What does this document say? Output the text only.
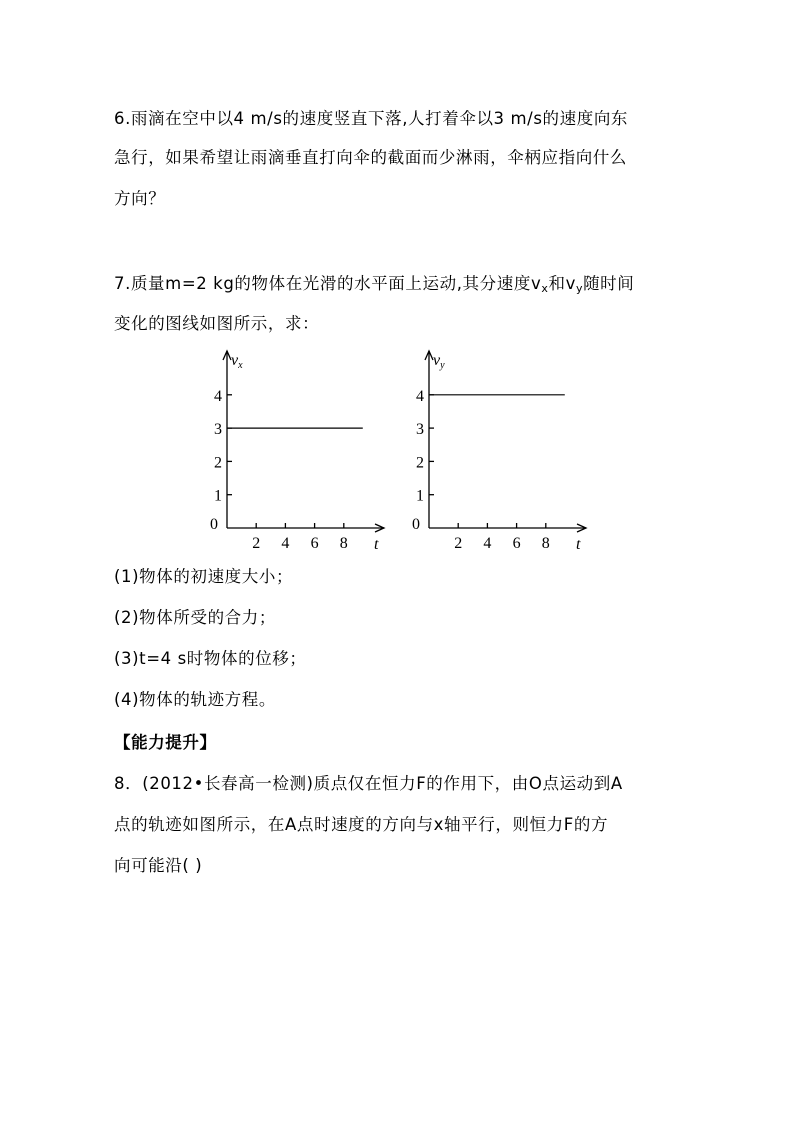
6.雨滴在空中以4 m/s的速度竖直下落,人打着伞以3 m/s的速度向东
急行，如果希望让雨滴垂直打向伞的截面而少淋雨，伞柄应指向什么
方向？
7.质量m=2 kg的物体在光滑的水平面上运动,其分速度$v_x$和$v_y$随时间
变化的图线如图所示，求：
vx
t
0
1
2
3
4
2 4 6 8
vy
t
0
1
2
3
4
2 4 6 8
(1)物体的初速度大小；
(2)物体所受的合力；
(3)t=4 s时物体的位移；
(4)物体的轨迹方程。
【能力提升】
8．(2012•长春高一检测)质点仅在恒力F的作用下，由O点运动到A
点的轨迹如图所示，在A点时速度的方向与x轴平行，则恒力F的方
向可能沿( )
